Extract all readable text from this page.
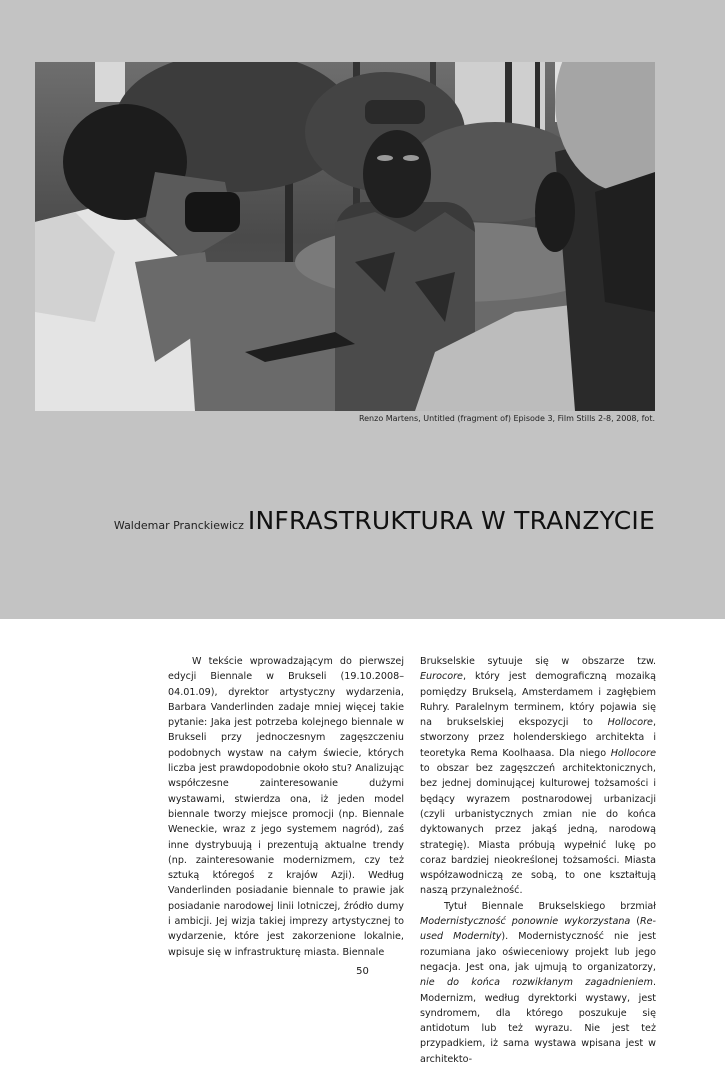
Renzo Martens, Untitled (fragment of) Episode 3, Film Stills 2-8, 2008, fot.
Waldemar Pranckiewicz INFRASTRUKTURA W TRANZYCIE

W tekście wprowadzającym do pierwszej edycji Biennale w Brukseli (19.10.2008–04.01.09), dyrektor artystyczny wydarzenia, Barbara Vanderlinden zadaje mniej więcej takie pytanie: Jaka jest potrzeba kolejnego biennale w Brukseli przy jednoczesnym zagęszczeniu podobnych wystaw na całym świecie, których liczba jest prawdopodobnie około stu? Analizując współczesne zainteresowanie dużymi wystawami, stwierdza ona, iż jeden model biennale tworzy miejsce promocji (np. Biennale Weneckie, wraz z jego systemem nagród), zaś inne dystrybuują i prezentują aktualne trendy (np. zainteresowanie modernizmem, czy też sztuką któregoś z krajów Azji). Według Vanderlinden posiadanie biennale to prawie jak posiadanie narodowej linii lotniczej, źródło dumy i ambicji. Jej wizja takiej imprezy artystycznej to wydarzenie, które jest zakorzenione lokalnie, wpisuje się w infrastrukturę miasta. Biennale

Brukselskie sytuuje się w obszarze tzw. Eurocore, który jest demograficzną mozaiką pomiędzy Brukselą, Amsterdamem i zagłębiem Ruhry. Paralelnym terminem, który pojawia się na brukselskiej ekspozycji to Hollocore, stworzony przez holenderskiego architekta i teoretyka Rema Koolhaasa. Dla niego Hollocore to obszar bez zagęszczeń architektonicznych, bez jednej dominującej kulturowej tożsamości i będący wyrazem postnarodowej urbanizacji (czyli urbanistycznych zmian nie do końca dyktowanych przez jakąś jedną, narodową strategię). Miasta próbują wypełnić lukę po coraz bardziej nieokreślonej tożsamości. Miasta współzawodniczą ze sobą, to one kształtują naszą przynależność.

Tytuł Biennale Brukselskiego brzmiał Modernistyczność ponownie wykorzystana (Re-used Modernity). Modernistyczność nie jest rozumiana jako oświeceniowy projekt lub jego negacja. Jest ona, jak ujmują to organizatorzy, nie do końca rozwikłanym zagadnieniem. Modernizm, według dyrektorki wystawy, jest syndromem, dla którego poszukuje się antidotum lub też wyrazu. Nie jest też przypadkiem, iż sama wystawa wpisana jest w architekto-

50
